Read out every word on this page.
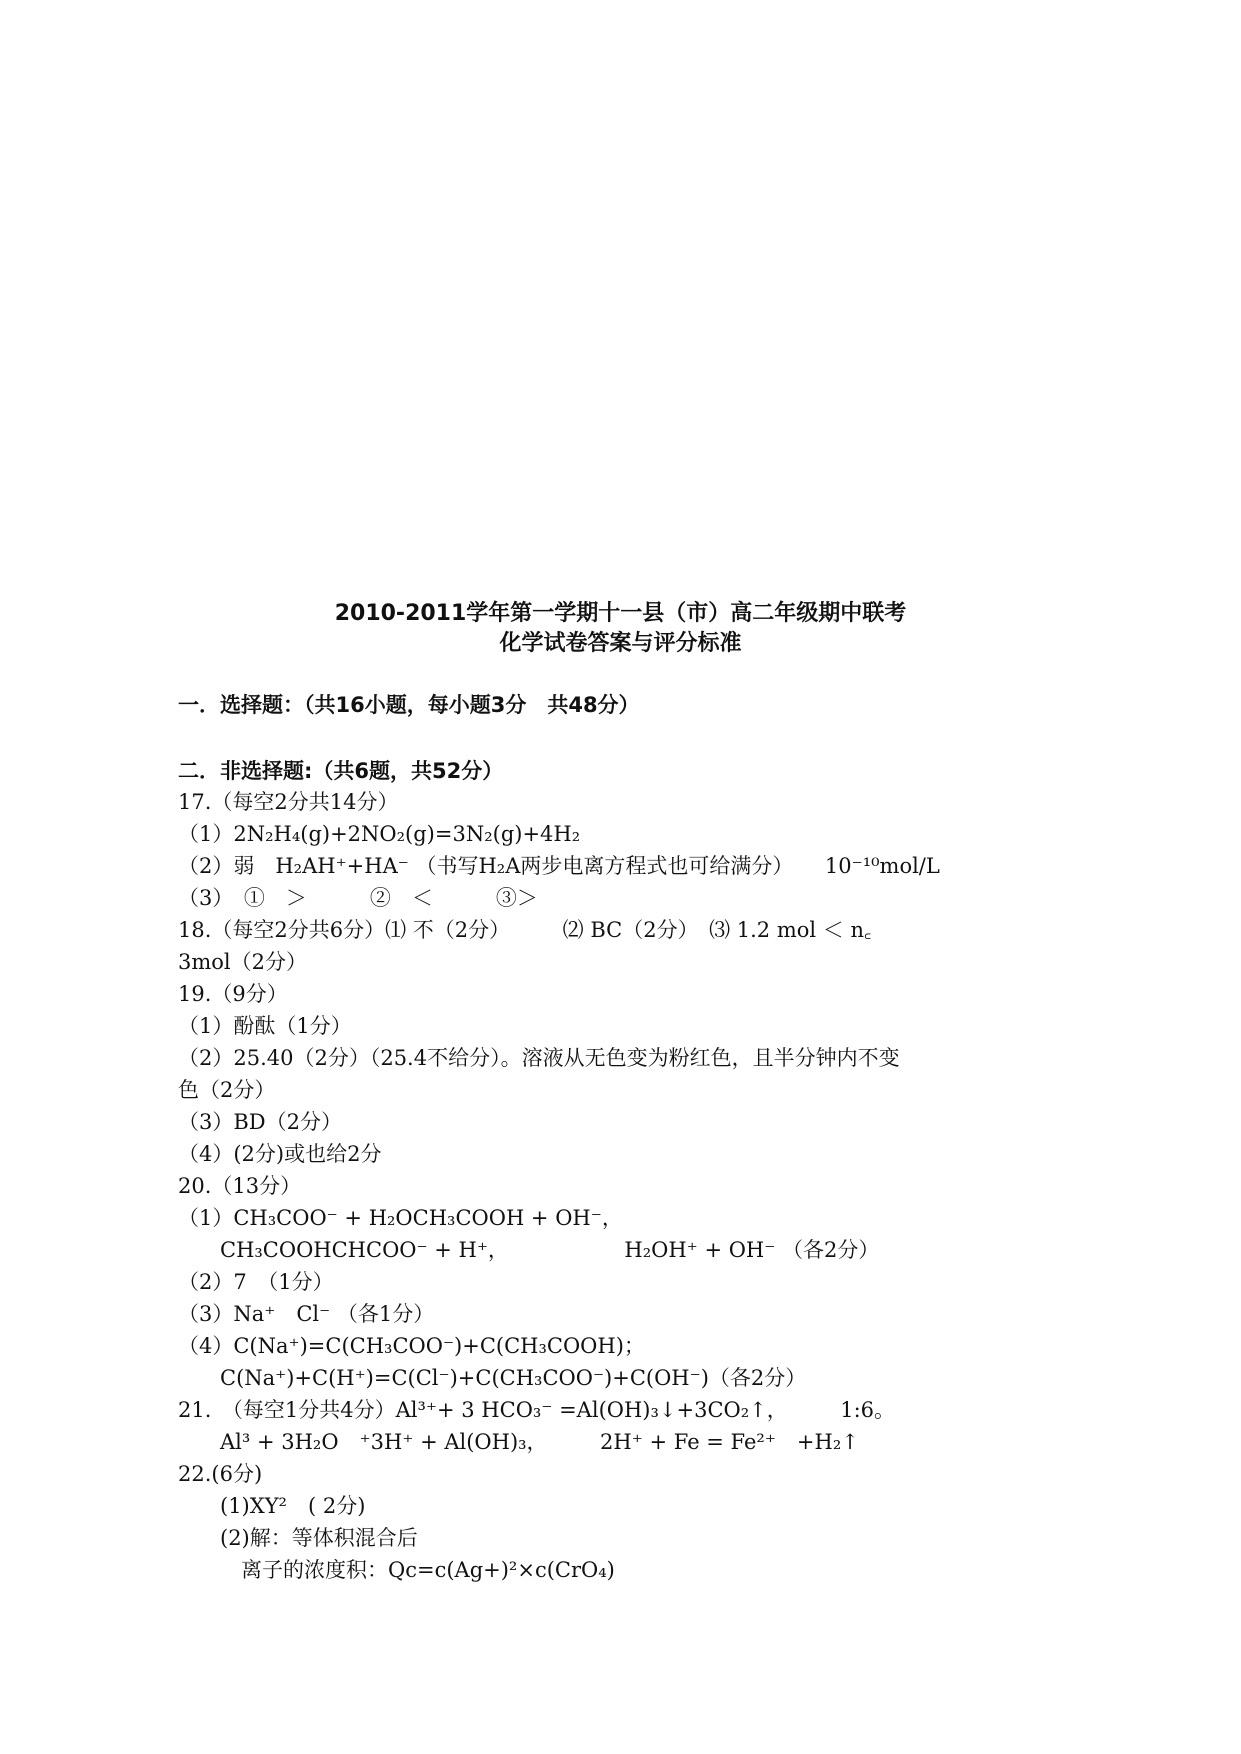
2010-2011学年第一学期十一县（市）高二年级期中联考
化学试卷答案与评分标准
一．选择题：（共16小题，每小题3分　共48分）
二．非选择题:（共6题，共52分）
17.（每空2分共14分）
（1）2N₂H₄(g)+2NO₂(g)=3N₂(g)+4H₂
（2）弱　H₂AH⁺+HA⁻ （书写H₂A两步电离方程式也可给满分）　　10⁻¹⁰mol/L
（3）　①　＞　　　②　＜　　　③＞
18.（每空2分共6分）⑴ 不（2分）　　　⑵ BC（2分）　⑶ 1.2 mol ＜ n꜀
3mol（2分）
19.（9分）
（1）酚酞（1分）
（2）25.40（2分）（25.4不给分）。溶液从无色变为粉红色，且半分钟内不变
色（2分）
（3）BD（2分）
（4）(2分)或也给2分
20.（13分）
（1）CH₃COO⁻ + H₂OCH₃COOH + OH⁻，
　　CH₃COOHCHCOO⁻ + H⁺，　　　　　　H₂OH⁺ + OH⁻ （各2分）
（2）7　（1分）
（3）Na⁺　Cl⁻ （各1分）
（4）C(Na⁺)=C(CH₃COO⁻)+C(CH₃COOH)；
　　C(Na⁺)+C(H⁺)=C(Cl⁻)+C(CH₃COO⁻)+C(OH⁻)（各2分）
21.　（每空1分共4分）Al³⁺+ 3 HCO₃⁻ =Al(OH)₃↓+3CO₂↑，　　　1:6。
　　Al³ + 3H₂O　⁺3H⁺ + Al(OH)₃，　　　2H⁺ + Fe = Fe²⁺　+H₂↑
22.(6分)
　　(1)XY²　( 2分)
　　(2)解：等体积混合后
　　　离子的浓度积：Qc=c(Ag+)²×c(CrO₄)
